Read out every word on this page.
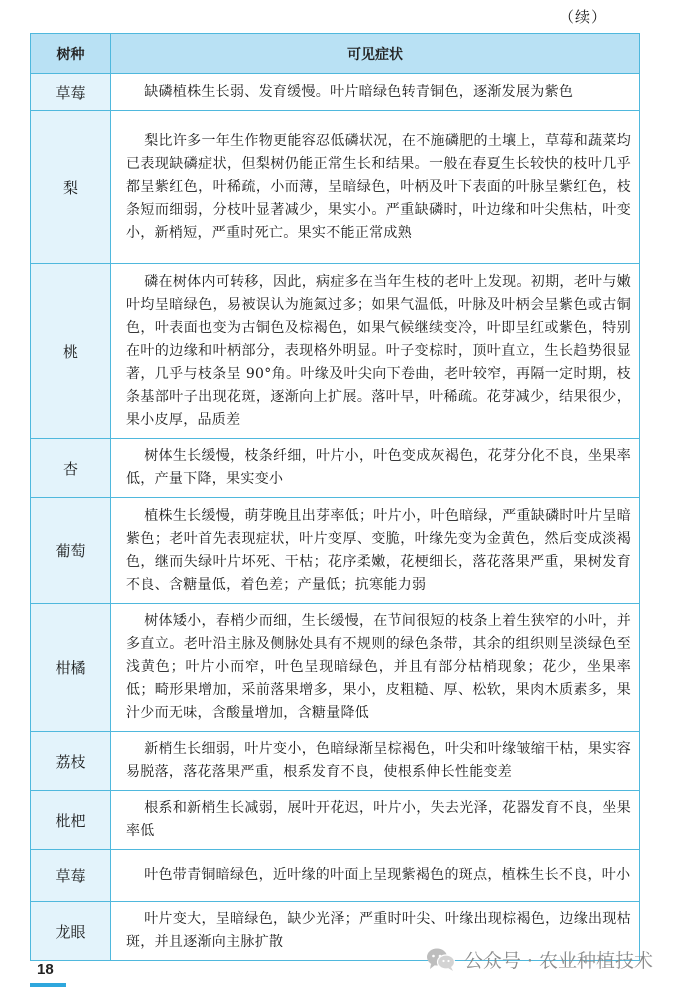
（续）
树种	可见症状
草莓	缺磷植株生长弱、发育缓慢。叶片暗绿色转青铜色，逐渐发展为紫色
梨	梨比许多一年生作物更能容忍低磷状况，在不施磷肥的土壤上，草莓和蔬菜均已表现缺磷症状，但梨树仍能正常生长和结果。一般在春夏生长较快的枝叶几乎都呈紫红色，叶稀疏，小而薄，呈暗绿色，叶柄及叶下表面的叶脉呈紫红色，枝条短而细弱，分枝叶显著减少，果实小。严重缺磷时，叶边缘和叶尖焦枯，叶变小，新梢短，严重时死亡。果实不能正常成熟
桃	磷在树体内可转移，因此，病症多在当年生枝的老叶上发现。初期，老叶与嫩叶均呈暗绿色，易被误认为施氮过多；如果气温低，叶脉及叶柄会呈紫色或古铜色，叶表面也变为古铜色及棕褐色，如果气候继续变冷，叶即呈红或紫色，特别在叶的边缘和叶柄部分，表现格外明显。叶子变棕时，顶叶直立，生长趋势很显著，几乎与枝条呈 90°角。叶缘及叶尖向下卷曲，老叶较窄，再隔一定时期，枝条基部叶子出现花斑，逐渐向上扩展。落叶早，叶稀疏。花芽减少，结果很少，果小皮厚，品质差
杏	树体生长缓慢，枝条纤细，叶片小，叶色变成灰褐色，花芽分化不良，坐果率低，产量下降，果实变小
葡萄	植株生长缓慢，萌芽晚且出芽率低；叶片小，叶色暗绿，严重缺磷时叶片呈暗紫色；老叶首先表现症状，叶片变厚、变脆，叶缘先变为金黄色，然后变成淡褐色，继而失绿叶片坏死、干枯；花序柔嫩，花梗细长，落花落果严重，果树发育不良、含糖量低，着色差；产量低；抗寒能力弱
柑橘	树体矮小，春梢少而细，生长缓慢，在节间很短的枝条上着生狭窄的小叶，并多直立。老叶沿主脉及侧脉处具有不规则的绿色条带，其余的组织则呈淡绿色至浅黄色；叶片小而窄，叶色呈现暗绿色，并且有部分枯梢现象；花少，坐果率低；畸形果增加，采前落果增多，果小，皮粗糙、厚、松软，果肉木质素多，果汁少而无味，含酸量增加，含糖量降低
荔枝	新梢生长细弱，叶片变小，色暗绿渐呈棕褐色，叶尖和叶缘皱缩干枯，果实容易脱落，落花落果严重，根系发育不良，使根系伸长性能变差
枇杷	根系和新梢生长减弱，展叶开花迟，叶片小，失去光泽，花器发育不良，坐果率低
草莓	叶色带青铜暗绿色，近叶缘的叶面上呈现紫褐色的斑点，植株生长不良，叶小
龙眼	叶片变大，呈暗绿色，缺少光泽；严重时叶尖、叶缘出现棕褐色，边缘出现枯斑，并且逐渐向主脉扩散
公众号 · 农业种植技术
18
